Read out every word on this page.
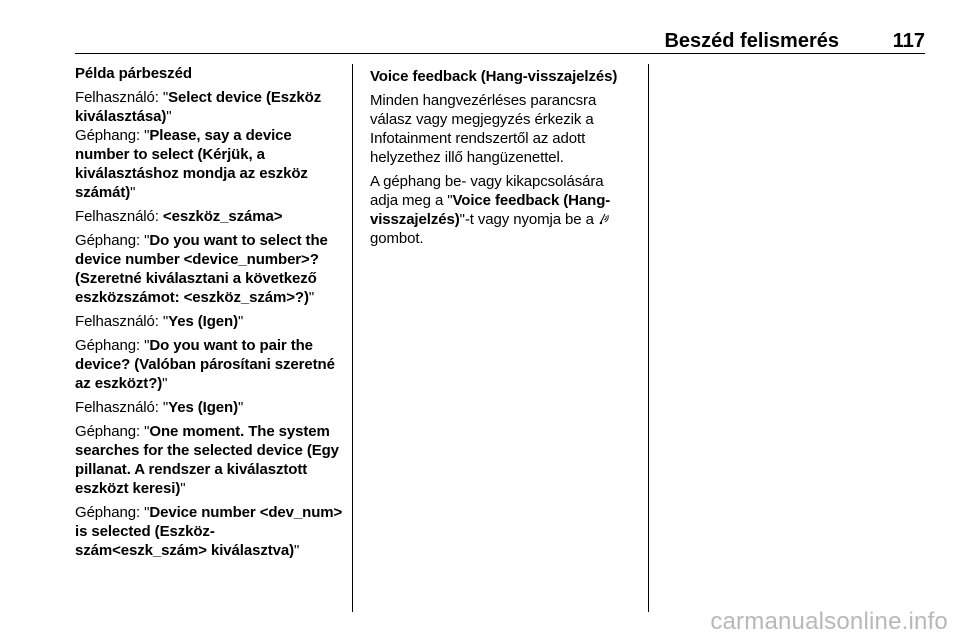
Beszéd felismerés	117

Példa párbeszéd

Felhasználó: "Select device (Eszköz kiválasztása)"

Géphang: "Please, say a device number to select (Kérjük, a kiválasztáshoz mondja az eszköz számát)"

Felhasználó: <eszköz_száma>

Géphang: "Do you want to select the device number <device_number>? (Szeretné kiválasztani a következő eszközszámot: <eszköz_szám>?)"

Felhasználó: "Yes (Igen)"

Géphang: "Do you want to pair the device? (Valóban párosítani szeretné az eszközt?)"

Felhasználó: "Yes (Igen)"

Géphang: "One moment. The system searches for the selected device (Egy pillanat. A rendszer a kiválasztott eszközt keresi)"

Géphang: "Device number <dev_num> is selected (Eszköz-szám<eszk_szám> kiválasztva)"

Voice feedback (Hang-visszajelzés)

Minden hangvezérléses parancsra válasz vagy megjegyzés érkezik a Infotainment rendszertől az adott helyzethez illő hangüzenettel.

A géphang be- vagy kikapcsolására adja meg a "Voice feedback (Hang-visszajelzés)"-t vagy nyomja be a  gombot.

carmanualsonline.info
